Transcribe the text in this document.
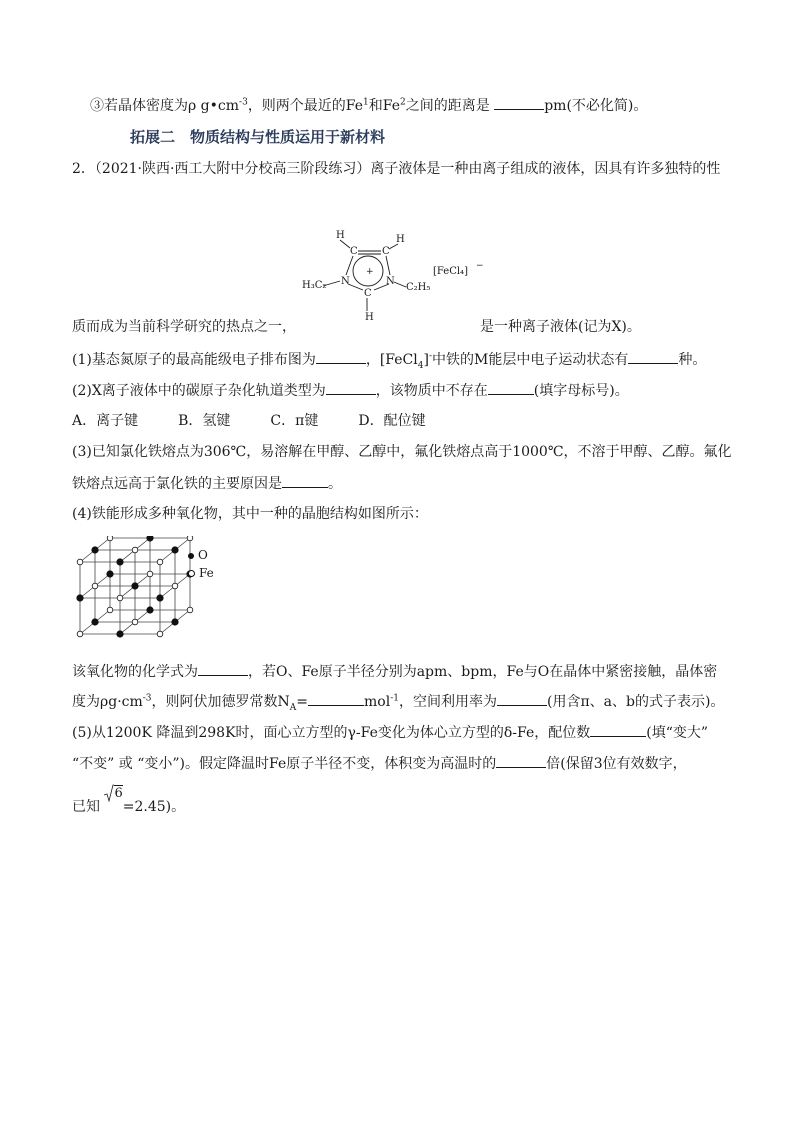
③若晶体密度为ρ $g•cm^{-3}$，则两个最近的Fe$^1$和Fe$^2$之间的距离是	pm(不必化简)。
拓展二　物质结构与性质运用于新材料
2．（2021·陕西·西工大附中分校高三阶段练习）离子液体是一种由离子组成的液体，因具有许多独特的性
H	H
C C
N	N
C
H
H₃C₂	C₂H₅
[FeCl₄] −
+
质而成为当前科学研究的热点之一，	是一种离子液体(记为X)。
(1)基态氮原子的最高能级电子排布图为	，[FeCl$_4$]-中铁的M能层中电子运动状态有	种。
(2)X离子液体中的碳原子杂化轨道类型为	，该物质中不存在	(填字母标号)。
A．离子键	B．氢键	C．π键	D．配位键
(3)已知氯化铁熔点为306℃，易溶解在甲醇、乙醇中，氟化铁熔点高于1000℃，不溶于甲醇、乙醇。氟化
铁熔点远高于氯化铁的主要原因是	。
(4)铁能形成多种氧化物，其中一种的晶胞结构如图所示：
O
Fe
该氧化物的化学式为	，若O、Fe原子半径分别为apm、bpm，Fe与O在晶体中紧密接触，晶体密
度为$\rho g\cdot cm^{-3}$，则阿伏加德罗常数$N_A=$	mol$^{-1}$，空间利用率为	(用含π、a、b的式子表示)。
(5)从1200K 降温到298K时，面心立方型的γ-Fe变化为体心立方型的δ-Fe，配位数	(填“变大”
“不变” 或 “变小”)。假定降温时Fe原子半径不变，体积变为高温时的	倍(保留3位有效数字，
已知
6=2.45)。
